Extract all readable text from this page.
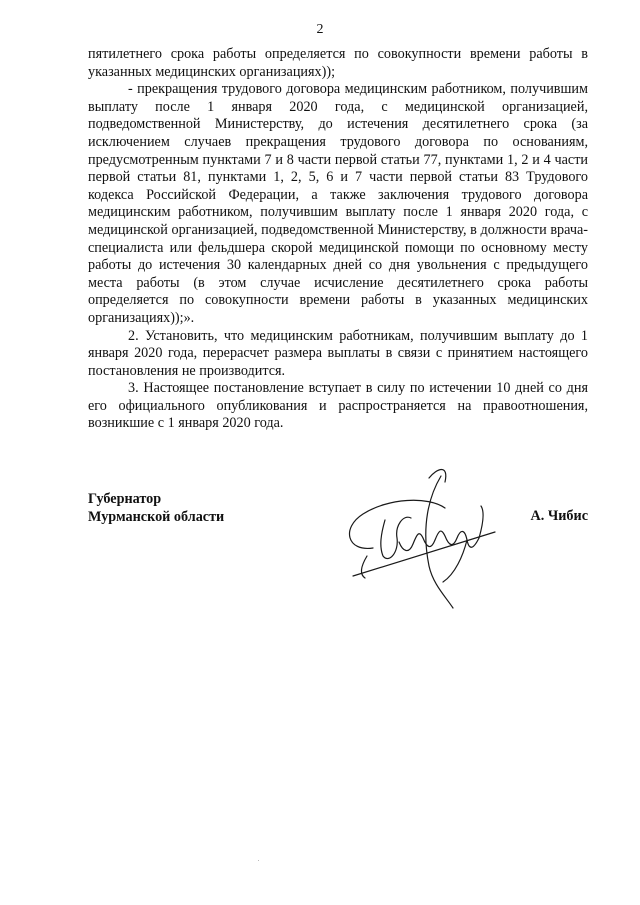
2

пятилетнего срока работы определяется по совокупности времени работы в указанных медицинских организациях));

- прекращения трудового договора медицинским работником, получившим выплату после 1 января 2020 года, с медицинской организацией, подведомственной Министерству, до истечения десятилетнего срока (за исключением случаев прекращения трудового договора по основаниям, предусмотренным пунктами 7 и 8 части первой статьи 77, пунктами 1, 2 и 4 части первой статьи 81, пунктами 1, 2, 5, 6 и 7 части первой статьи 83 Трудового кодекса Российской Федерации, а также заключения трудового договора медицинским работником, получившим выплату после 1 января 2020 года, с медицинской организацией, подведомственной Министерству, в должности врача-специалиста или фельдшера скорой медицинской помощи по основному месту работы до истечения 30 календарных дней со дня увольнения с предыдущего места работы (в этом случае исчисление десятилетнего срока работы определяется по совокупности времени работы в указанных медицинских организациях));».

2. Установить, что медицинским работникам, получившим выплату до 1 января 2020 года, перерасчет размера выплаты в связи с принятием настоящего постановления не производится.

3. Настоящее постановление вступает в силу по истечении 10 дней со дня его официального опубликования и распространяется на правоотношения, возникшие с 1 января 2020 года.

Губернатор
Мурманской области	А. Чибис
